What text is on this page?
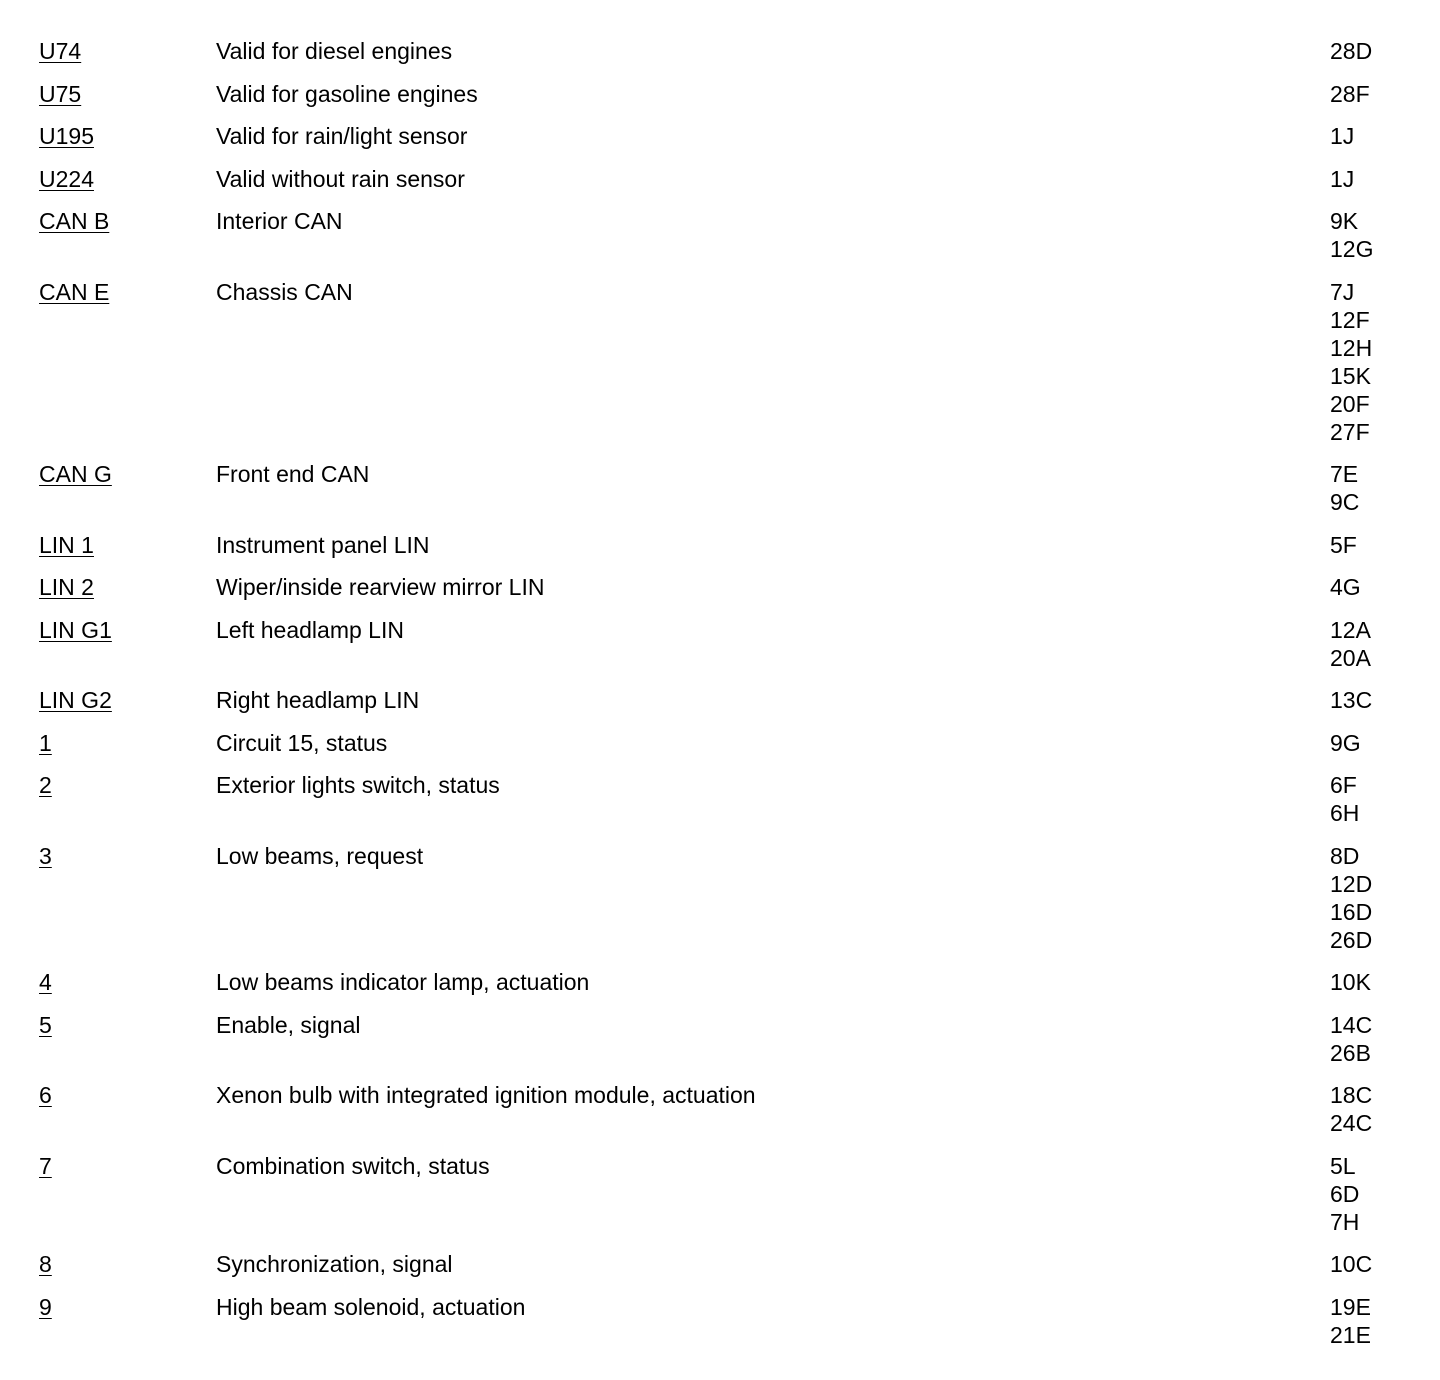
U74	Valid for diesel engines	28D
U75	Valid for gasoline engines	28F
U195	Valid for rain/light sensor	1J
U224	Valid without rain sensor	1J
CAN B	Interior CAN	9K
12G
CAN E	Chassis CAN	7J
12F
12H
15K
20F
27F
CAN G	Front end CAN	7E
9C
LIN 1	Instrument panel LIN	5F
LIN 2	Wiper/inside rearview mirror LIN	4G
LIN G1	Left headlamp LIN	12A
20A
LIN G2	Right headlamp LIN	13C
1	Circuit 15, status	9G
2	Exterior lights switch, status	6F
6H
3	Low beams, request	8D
12D
16D
26D
4	Low beams indicator lamp, actuation	10K
5	Enable, signal	14C
26B
6	Xenon bulb with integrated ignition module, actuation	18C
24C
7	Combination switch, status	5L
6D
7H
8	Synchronization, signal	10C
9	High beam solenoid, actuation	19E
21E
